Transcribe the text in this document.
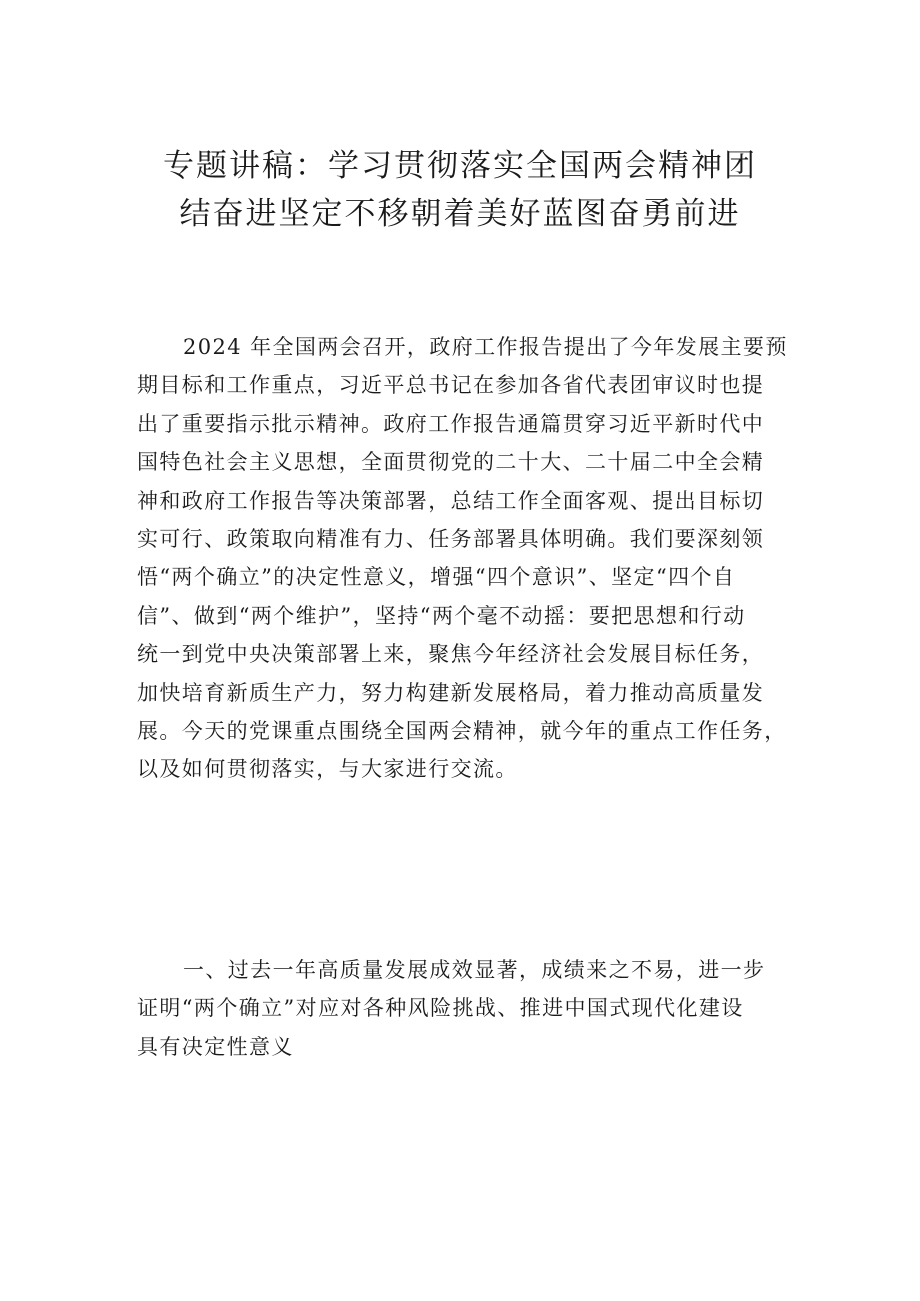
专题讲稿：学习贯彻落实全国两会精神团
结奋进坚定不移朝着美好蓝图奋勇前进

2024 年全国两会召开，政府工作报告提出了今年发展主要预
期目标和工作重点，习近平总书记在参加各省代表团审议时也提
出了重要指示批示精神。政府工作报告通篇贯穿习近平新时代中
国特色社会主义思想，全面贯彻党的二十大、二十届二中全会精
神和政府工作报告等决策部署，总结工作全面客观、提出目标切
实可行、政策取向精准有力、任务部署具体明确。我们要深刻领
悟“两个确立”的决定性意义，增强“四个意识”、坚定“四个自
信”、做到“两个维护”，坚持“两个毫不动摇：要把思想和行动
统一到党中央决策部署上来，聚焦今年经济社会发展目标任务，
加快培育新质生产力，努力构建新发展格局，着力推动高质量发
展。今天的党课重点围绕全国两会精神，就今年的重点工作任务，
以及如何贯彻落实，与大家进行交流。

一、过去一年高质量发展成效显著，成绩来之不易，进一步
证明“两个确立”对应对各种风险挑战、推进中国式现代化建设
具有决定性意义
